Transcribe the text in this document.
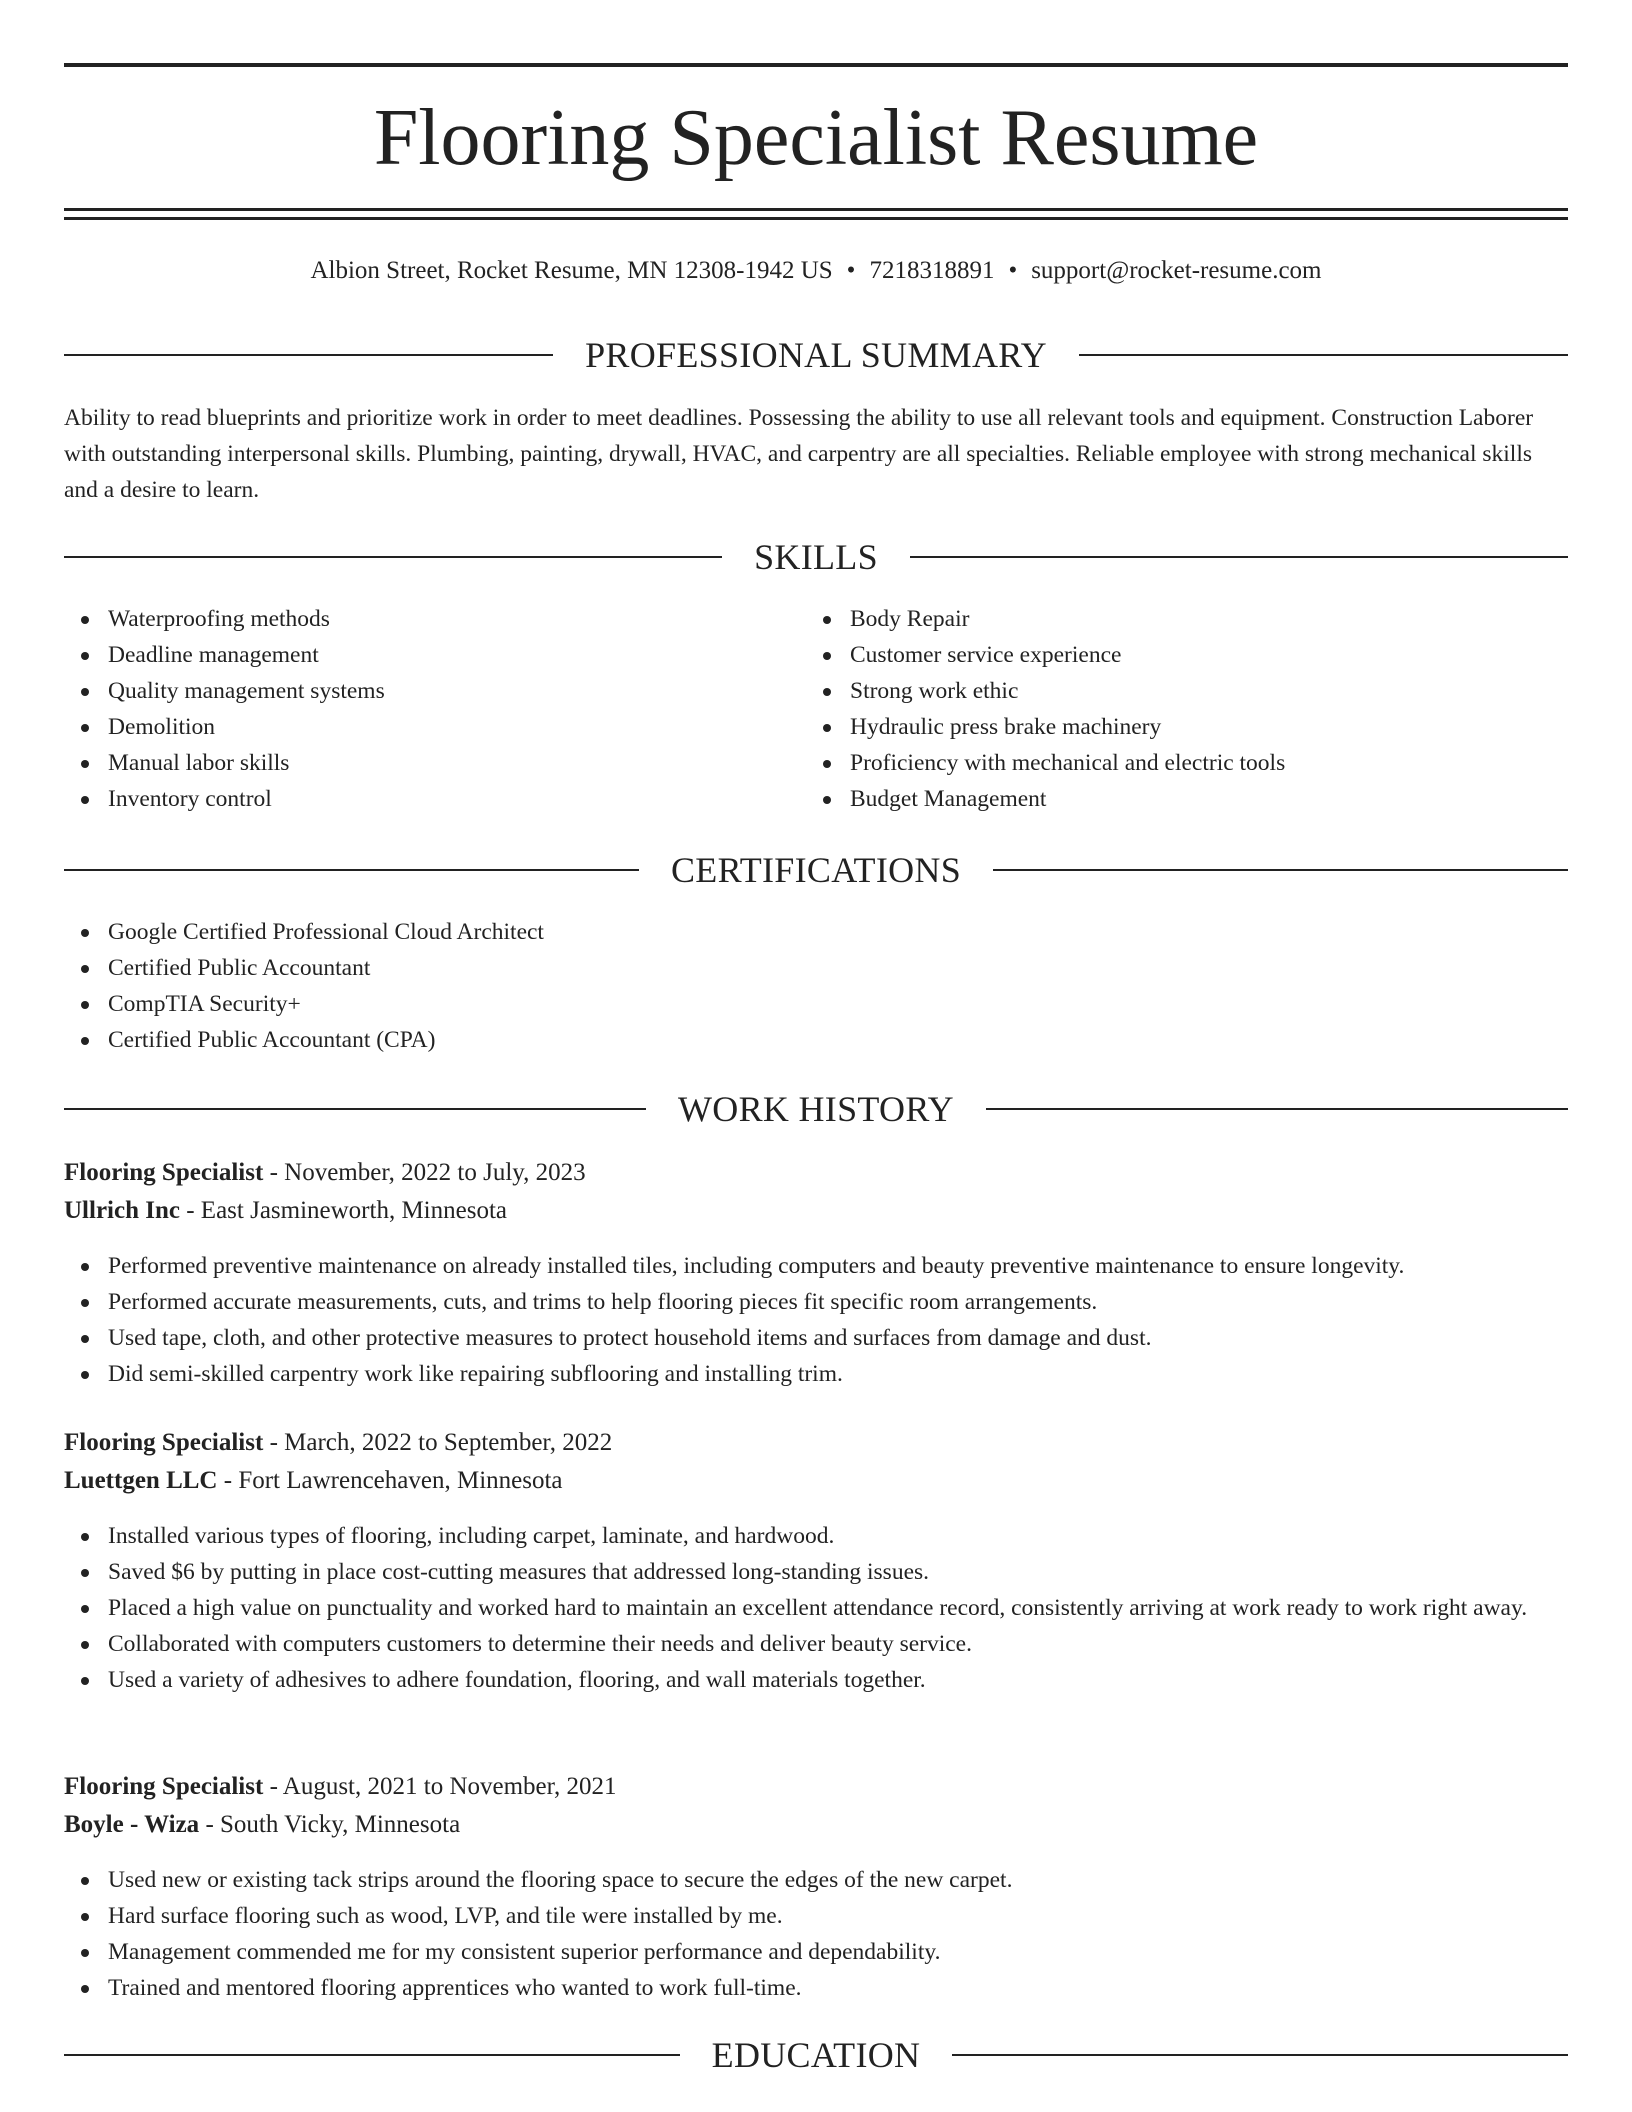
Flooring Specialist Resume
Albion Street, Rocket Resume, MN 12308-1942 US • 7218318891 • support@rocket-resume.com
PROFESSIONAL SUMMARY

Ability to read blueprints and prioritize work in order to meet deadlines. Possessing the ability to use all relevant tools and equipment. Construction Laborer with outstanding interpersonal skills. Plumbing, painting, drywall, HVAC, and carpentry are all specialties. Reliable employee with strong mechanical skills and a desire to learn.

SKILLS
Waterproofing methods
Deadline management
Quality management systems
Demolition
Manual labor skills
Inventory control
Body Repair
Customer service experience
Strong work ethic
Hydraulic press brake machinery
Proficiency with mechanical and electric tools
Budget Management
CERTIFICATIONS
Google Certified Professional Cloud Architect
Certified Public Accountant
CompTIA Security+
Certified Public Accountant (CPA)
WORK HISTORY
Flooring Specialist - November, 2022 to July, 2023
Ullrich Inc - East Jasmineworth, Minnesota
Performed preventive maintenance on already installed tiles, including computers and beauty preventive maintenance to ensure longevity.
Performed accurate measurements, cuts, and trims to help flooring pieces fit specific room arrangements.
Used tape, cloth, and other protective measures to protect household items and surfaces from damage and dust.
Did semi-skilled carpentry work like repairing subflooring and installing trim.
Flooring Specialist - March, 2022 to September, 2022
Luettgen LLC - Fort Lawrencehaven, Minnesota
Installed various types of flooring, including carpet, laminate, and hardwood.
Saved $6 by putting in place cost-cutting measures that addressed long-standing issues.
Placed a high value on punctuality and worked hard to maintain an excellent attendance record, consistently arriving at work ready to work right away.
Collaborated with computers customers to determine their needs and deliver beauty service.
Used a variety of adhesives to adhere foundation, flooring, and wall materials together.
Flooring Specialist - August, 2021 to November, 2021
Boyle - Wiza - South Vicky, Minnesota
Used new or existing tack strips around the flooring space to secure the edges of the new carpet.
Hard surface flooring such as wood, LVP, and tile were installed by me.
Management commended me for my consistent superior performance and dependability.
Trained and mentored flooring apprentices who wanted to work full-time.
EDUCATION
